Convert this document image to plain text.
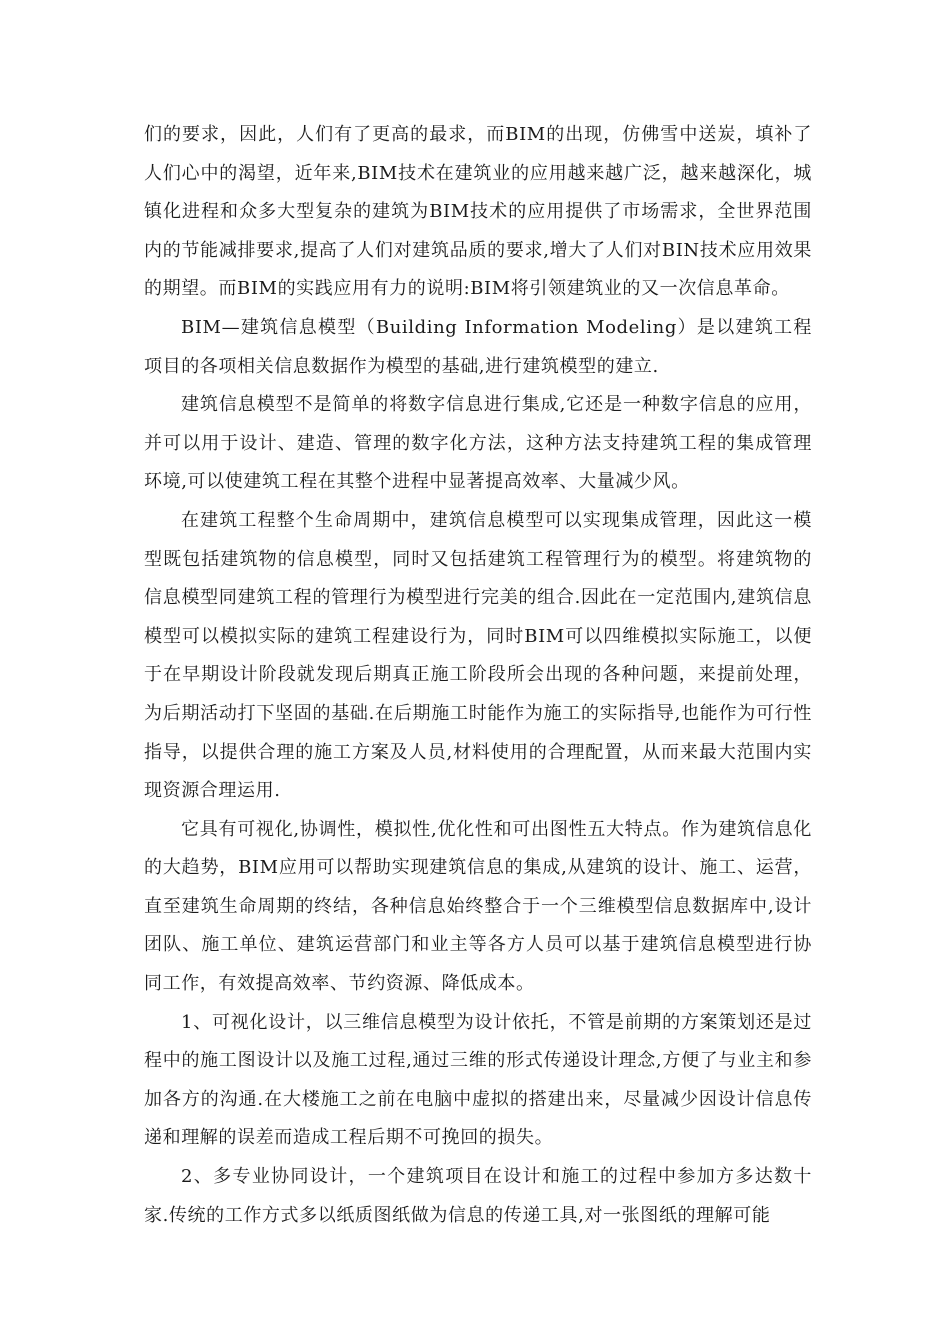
们的要求，因此，人们有了更高的最求，而BIM的出现，仿佛雪中送炭，填补了人们心中的渴望，近年来,BIM技术在建筑业的应用越来越广泛，越来越深化，城镇化进程和众多大型复杂的建筑为BIM技术的应用提供了市场需求，全世界范围内的节能减排要求,提高了人们对建筑品质的要求,增大了人们对BIN技术应用效果的期望。而BIM的实践应用有力的说明:BIM将引领建筑业的又一次信息革命。

BIM—建筑信息模型（Building Information Modeling）是以建筑工程项目的各项相关信息数据作为模型的基础,进行建筑模型的建立.

建筑信息模型不是简单的将数字信息进行集成,它还是一种数字信息的应用，并可以用于设计、建造、管理的数字化方法，这种方法支持建筑工程的集成管理环境,可以使建筑工程在其整个进程中显著提高效率、大量减少风。

在建筑工程整个生命周期中，建筑信息模型可以实现集成管理，因此这一模型既包括建筑物的信息模型，同时又包括建筑工程管理行为的模型。将建筑物的信息模型同建筑工程的管理行为模型进行完美的组合.因此在一定范围内,建筑信息模型可以模拟实际的建筑工程建设行为，同时BIM可以四维模拟实际施工，以便于在早期设计阶段就发现后期真正施工阶段所会出现的各种问题，来提前处理，为后期活动打下坚固的基础.在后期施工时能作为施工的实际指导,也能作为可行性指导，以提供合理的施工方案及人员,材料使用的合理配置，从而来最大范围内实现资源合理运用.

它具有可视化,协调性，模拟性,优化性和可出图性五大特点。作为建筑信息化的大趋势，BIM应用可以帮助实现建筑信息的集成,从建筑的设计、施工、运营，直至建筑生命周期的终结，各种信息始终整合于一个三维模型信息数据库中,设计团队、施工单位、建筑运营部门和业主等各方人员可以基于建筑信息模型进行协同工作，有效提高效率、节约资源、降低成本。

1、可视化设计，以三维信息模型为设计依托，不管是前期的方案策划还是过程中的施工图设计以及施工过程,通过三维的形式传递设计理念,方便了与业主和参加各方的沟通.在大楼施工之前在电脑中虚拟的搭建出来，尽量减少因设计信息传递和理解的误差而造成工程后期不可挽回的损失。

2、多专业协同设计，一个建筑项目在设计和施工的过程中参加方多达数十家.传统的工作方式多以纸质图纸做为信息的传递工具,对一张图纸的理解可能
